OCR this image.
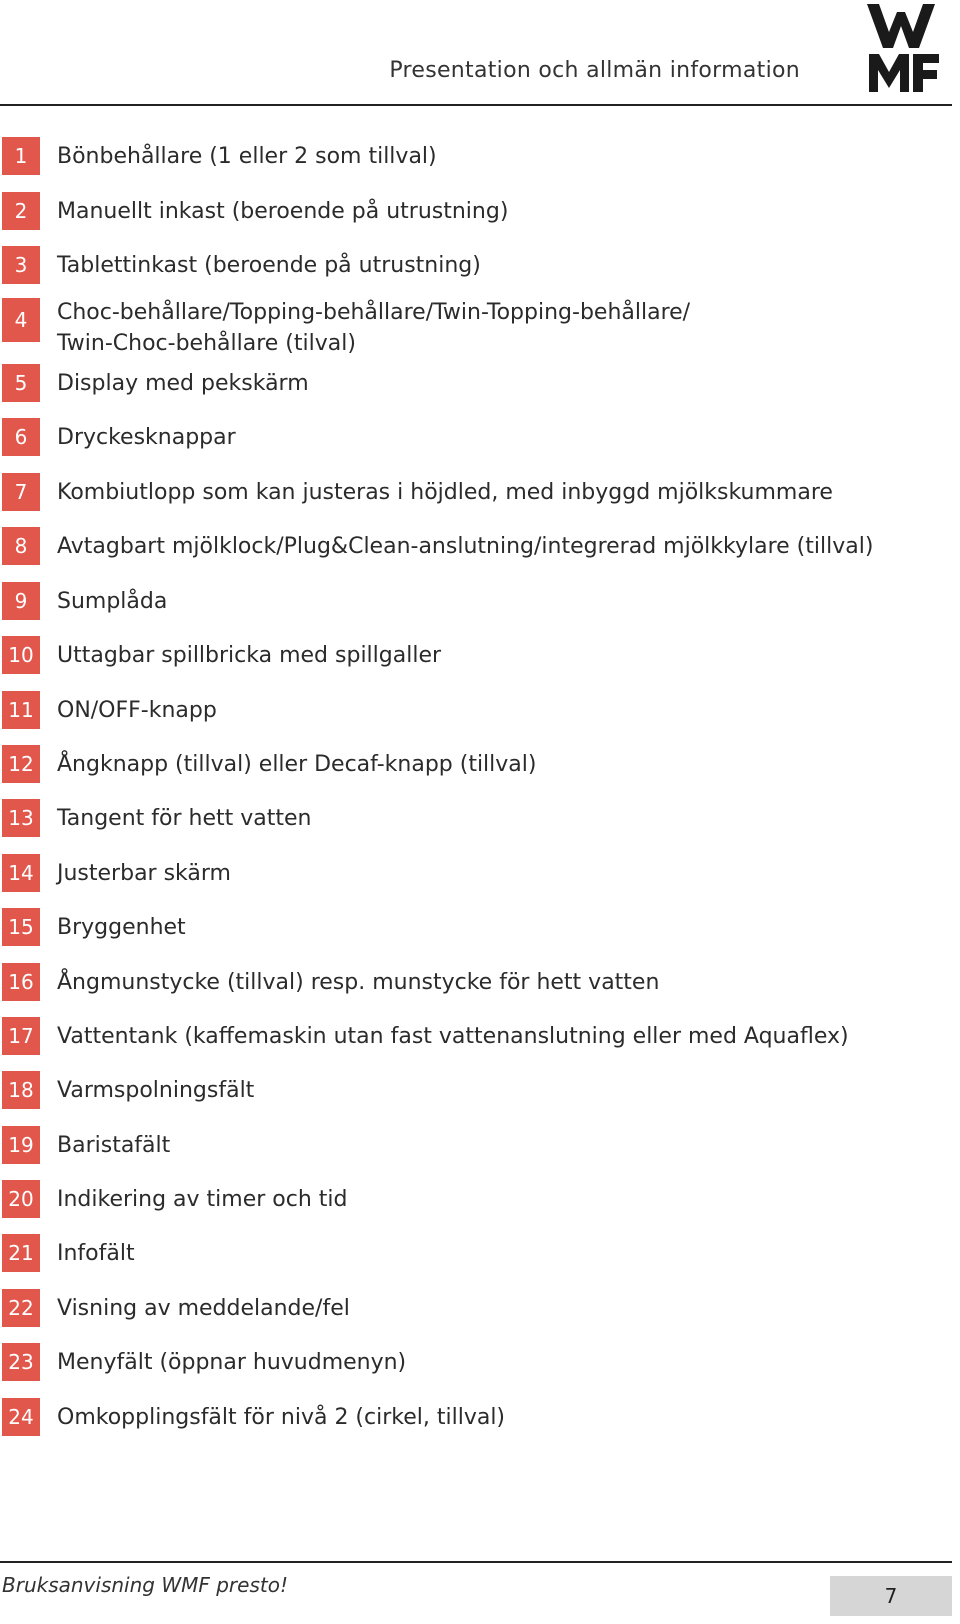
Presentation och allmän information
1	Bönbehållare (1 eller 2 som tillval)
2	Manuellt inkast (beroende på utrustning)
3	Tablettinkast (beroende på utrustning)
4	Choc-behållare/Topping-behållare/Twin-Topping-behållare/
Twin-Choc-behållare (tilval)
5	Display med pekskärm
6	Dryckesknappar
7	Kombiutlopp som kan justeras i höjdled, med inbyggd mjölkskummare
8	Avtagbart mjölklock/Plug&Clean-anslutning/integrerad mjölkkylare (tillval)
9	Sumplåda
10 Uttagbar spillbricka med spillgaller
11 ON/OFF-knapp
12 Ångknapp (tillval) eller Decaf-knapp (tillval)
13 Tangent för hett vatten
14 Justerbar skärm
15 Bryggenhet
16 Ångmunstycke (tillval) resp. munstycke för hett vatten
17 Vattentank (kaffemaskin utan fast vattenanslutning eller med Aquaflex)
18 Varmspolningsfält
19 Baristafält
20 Indikering av timer och tid
21 Infofält
22 Visning av meddelande/fel
23 Menyfält (öppnar huvudmenyn)
24 Omkopplingsfält för nivå 2 (cirkel, tillval)
Bruksanvisning WMF presto!	7
